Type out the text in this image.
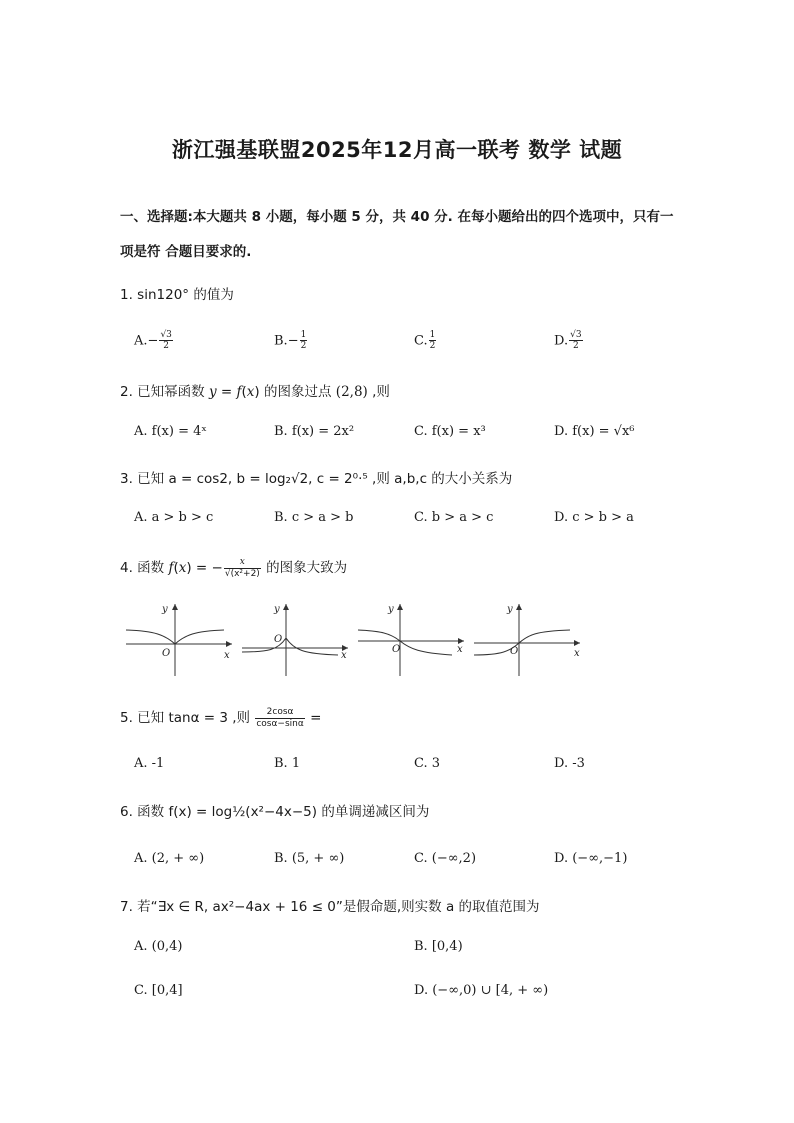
浙江强基联盟2025年12月高一联考 数学 试题
一、选择题:本大题共 8 小题，每小题 5 分，共 40 分. 在每小题给出的四个选项中，只有一
项是符 合题目要求的.
1. sin120° 的值为
$A.- \frac{√3}{2}$	$B.- \frac{1}{2}$	C. $\frac{1}{2}$	D. $\frac{√3}{2}$
2. 已知幂函数 y = f(x) 的图象过点 (2,8) ,则
A. f(x) = 4ˣ	B. f(x) = 2x²	C. f(x) = x³	D. f(x) = √x⁶
3. 已知 a = cos2, b = log₂√2, c = 2⁰·⁵ ,则 a,b,c 的大小关系为
A. a > b > c	B. c > a > b	C. b > a > c	D. c > b > a
4. 函数 f(x) = − $\frac{x}{\text{√(x²+2)}}$ 的图象大致为
y
O	x
y
O
x
y
O	x
y
O	x
5. 已知 tanα = 3 ,则 $\frac{2\cos\alpha}{\cos\alpha-\sin\alpha}$ =
A. -1	B. 1	C. 3	D. -3
6. 函数 f(x) = log½(x²−4x−5) 的单调递减区间为
A. (2, + ∞)	B. (5, + ∞)	C. (−∞,2)	D. (−∞,−1)
7. 若“∃x ∈ R, ax²−4ax + 16 ≤ 0”是假命题,则实数 a 的取值范围为
A. (0,4)	B. [0,4)
C. [0,4]	D. (−∞,0) ∪ [4, + ∞)
